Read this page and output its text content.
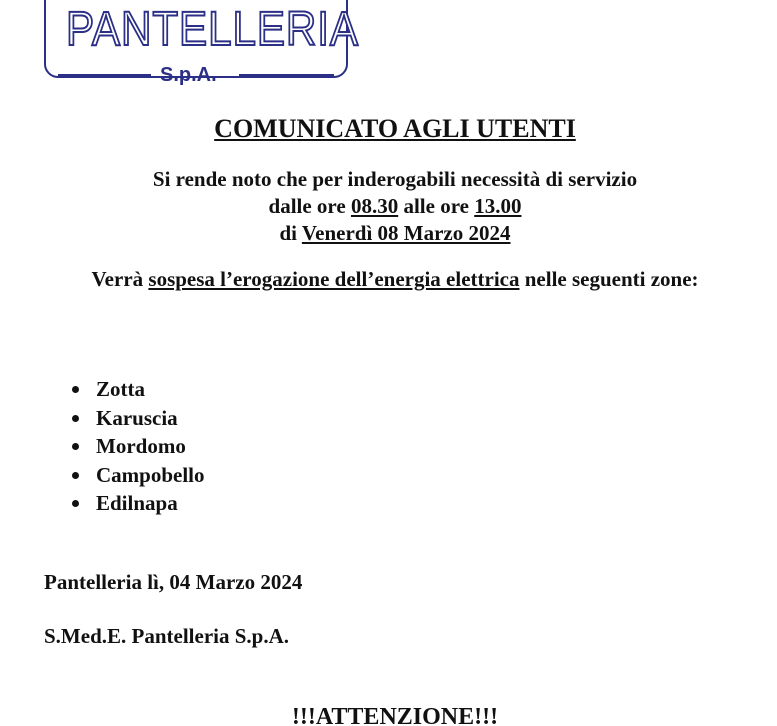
PANTELLERIA
S.p.A.
COMUNICATO AGLI UTENTI
Si rende noto che per inderogabili necessità di servizio
dalle ore 08.30 alle ore 13.00
di Venerdì 08 Marzo 2024
Verrà sospesa l’erogazione dell’energia elettrica nelle seguenti zone:
Zotta
Karuscia
Mordomo
Campobello
Edilnapa
Pantelleria lì, 04 Marzo 2024
S.Med.E. Pantelleria S.p.A.
!!!ATTENZIONE!!!
